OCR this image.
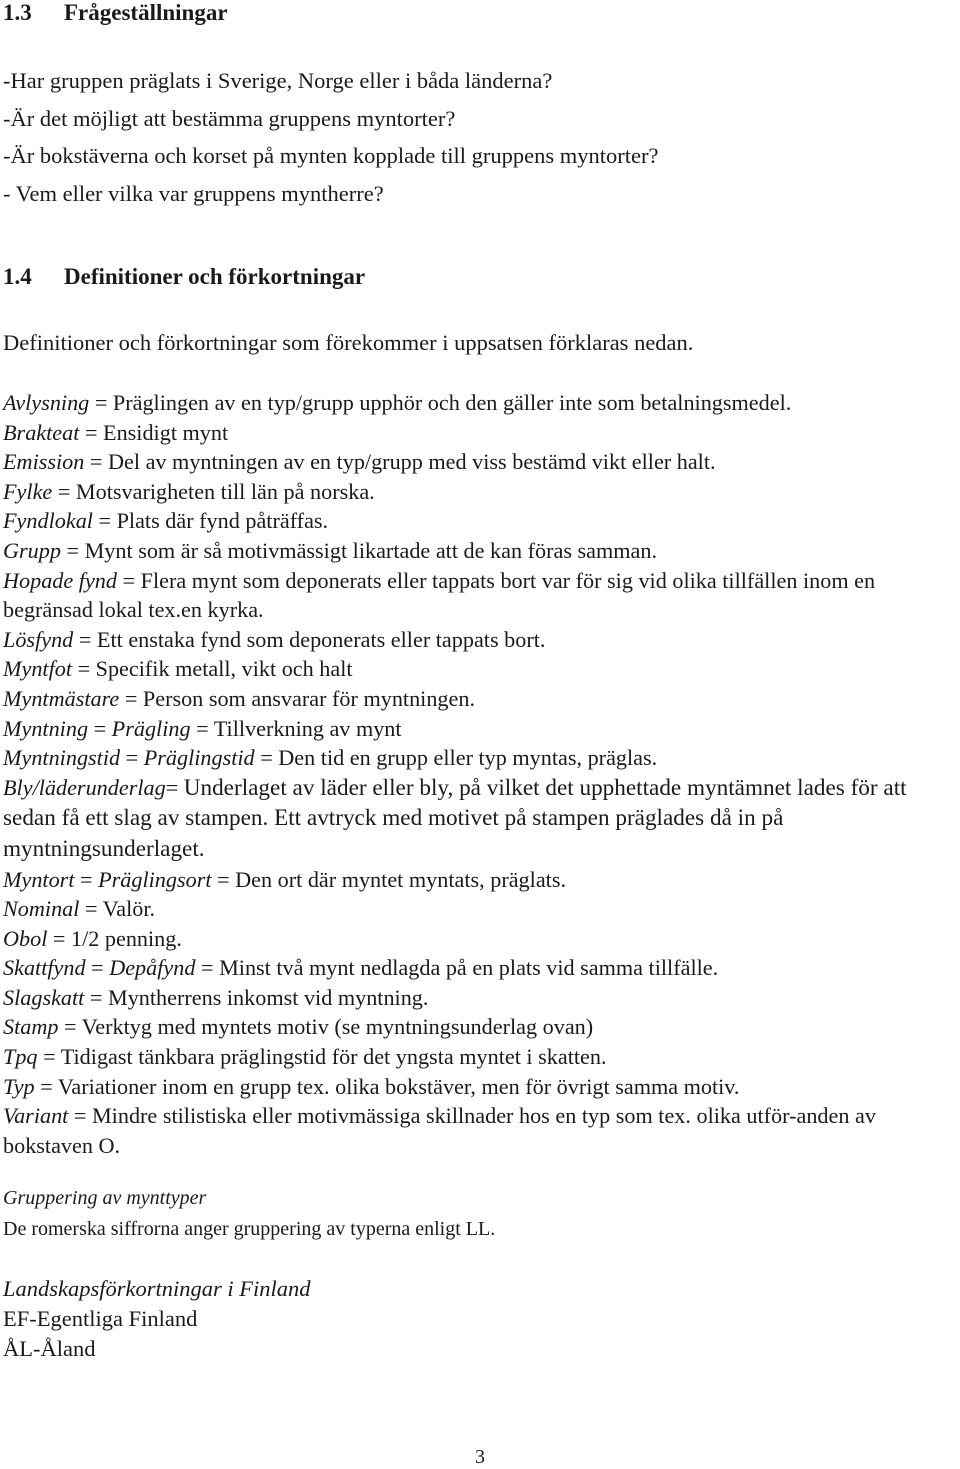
1.3 Frågeställningar
-Har gruppen präglats i Sverige, Norge eller i båda länderna?
-Är det möjligt att bestämma gruppens myntorter?
-Är bokstäverna och korset på mynten kopplade till gruppens myntorter?
- Vem eller vilka var gruppens myntherre?
1.4 Definitioner och förkortningar
Definitioner och förkortningar som förekommer i uppsatsen förklaras nedan.
Avlysning = Präglingen av en typ/grupp upphör och den gäller inte som betalningsmedel.
Brakteat = Ensidigt mynt
Emission = Del av myntningen av en typ/grupp med viss bestämd vikt eller halt.
Fylke = Motsvarigheten till län på norska.
Fyndlokal = Plats där fynd påträffas.
Grupp = Mynt som är så motivmässigt likartade att de kan föras samman.
Hopade fynd = Flera mynt som deponerats eller tappats bort var för sig vid olika tillfällen inom en begränsad lokal tex.en kyrka.
Lösfynd = Ett enstaka fynd som deponerats eller tappats bort.
Myntfot = Specifik metall, vikt och halt
Myntmästare = Person som ansvarar för myntningen.
Myntning = Prägling = Tillverkning av mynt
Myntningstid = Präglingstid = Den tid en grupp eller typ myntas, präglas.
Bly/läderunderlag= Underlaget av läder eller bly, på vilket det upphettade myntämnet lades för att sedan få ett slag av stampen. Ett avtryck med motivet på stampen präglades då in på myntningsunderlaget.
Myntort = Präglingsort = Den ort där myntet myntats, präglats.
Nominal = Valör.
Obol = 1/2 penning.
Skattfynd = Depåfynd = Minst två mynt nedlagda på en plats vid samma tillfälle.
Slagskatt = Myntherrens inkomst vid myntning.
Stamp = Verktyg med myntets motiv (se myntningsunderlag ovan)
Tpq = Tidigast tänkbara präglingstid för det yngsta myntet i skatten.
Typ = Variationer inom en grupp tex. olika bokstäver, men för övrigt samma motiv.
Variant = Mindre stilistiska eller motivmässiga skillnader hos en typ som tex. olika utför-anden av bokstaven O.
Gruppering av mynttyper
De romerska siffrorna anger gruppering av typerna enligt LL.
Landskapsförkortningar i Finland
EF-Egentliga Finland
ÅL-Åland
3
